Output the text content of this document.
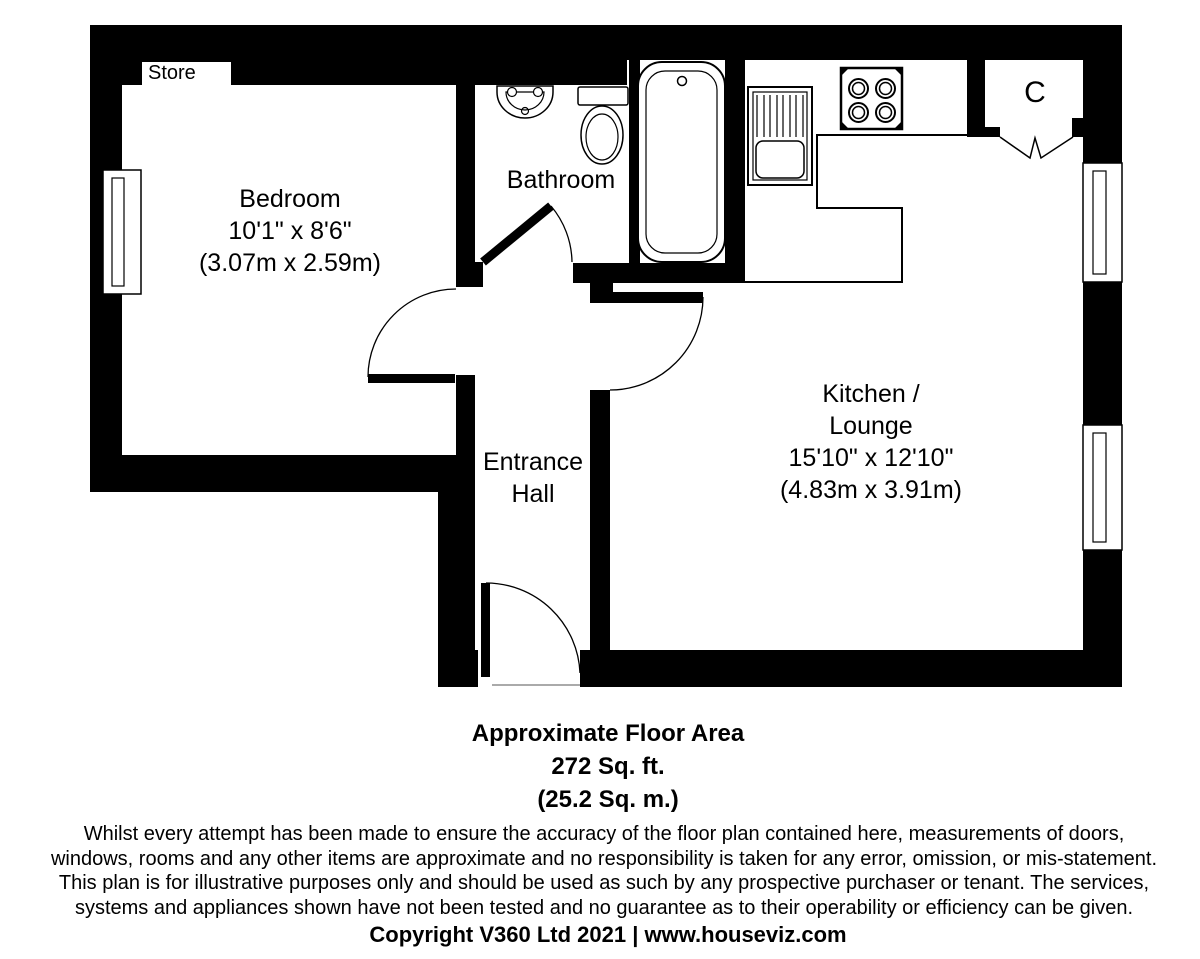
Store
Bedroom
10'1" x 8'6"
(3.07m x 2.59m)
Bathroom
C
Entrance
Hall
Kitchen /
Lounge
15'10" x 12'10"
(4.83m x 3.91m)
Approximate Floor Area
272 Sq. ft.
(25.2 Sq. m.)
Whilst every attempt has been made to ensure the accuracy of the floor plan contained here, measurements of doors,
windows, rooms and any other items are approximate and no responsibility is taken for any error, omission, or mis-statement.
This plan is for illustrative purposes only and should be used as such by any prospective purchaser or tenant. The services,
systems and appliances shown have not been tested and no guarantee as to their operability or efficiency can be given.
Copyright V360 Ltd 2021 | www.houseviz.com
